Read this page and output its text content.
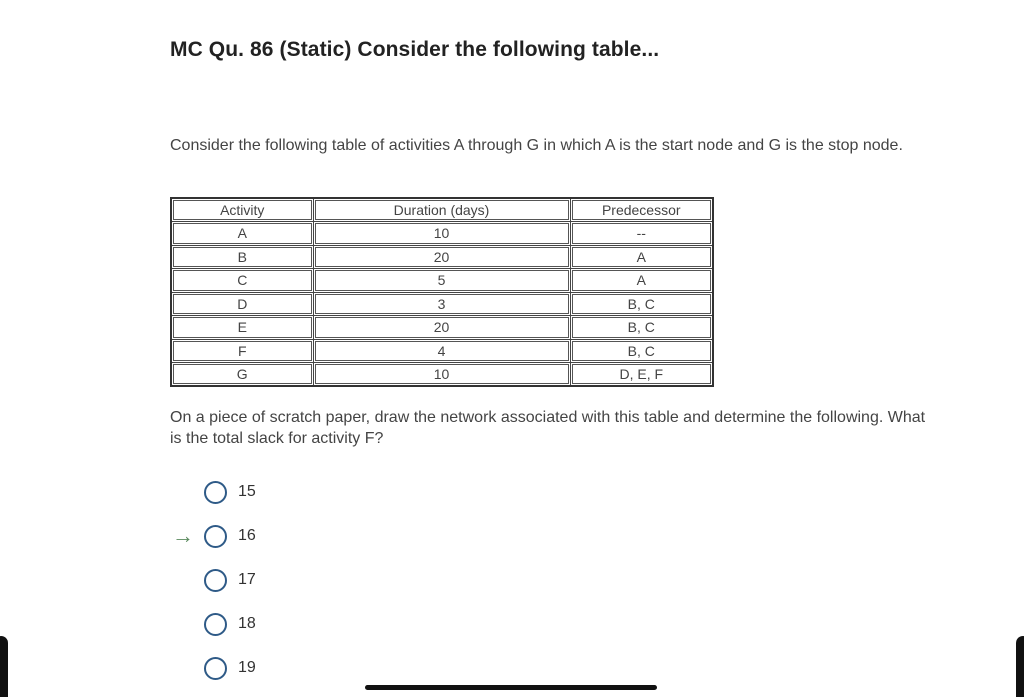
MC Qu. 86 (Static) Consider the following table...
Consider the following table of activities A through G in which A is the start node and G is the stop node.
Activity	Duration (days)	Predecessor
A	10	--
B	20	A
C	5	A
D	3	B, C
E	20	B, C
F	4	B, C
G	10	D, E, F
On a piece of scratch paper, draw the network associated with this table and determine the following. What is the total slack for activity F?
15
→	16
17
18
19
